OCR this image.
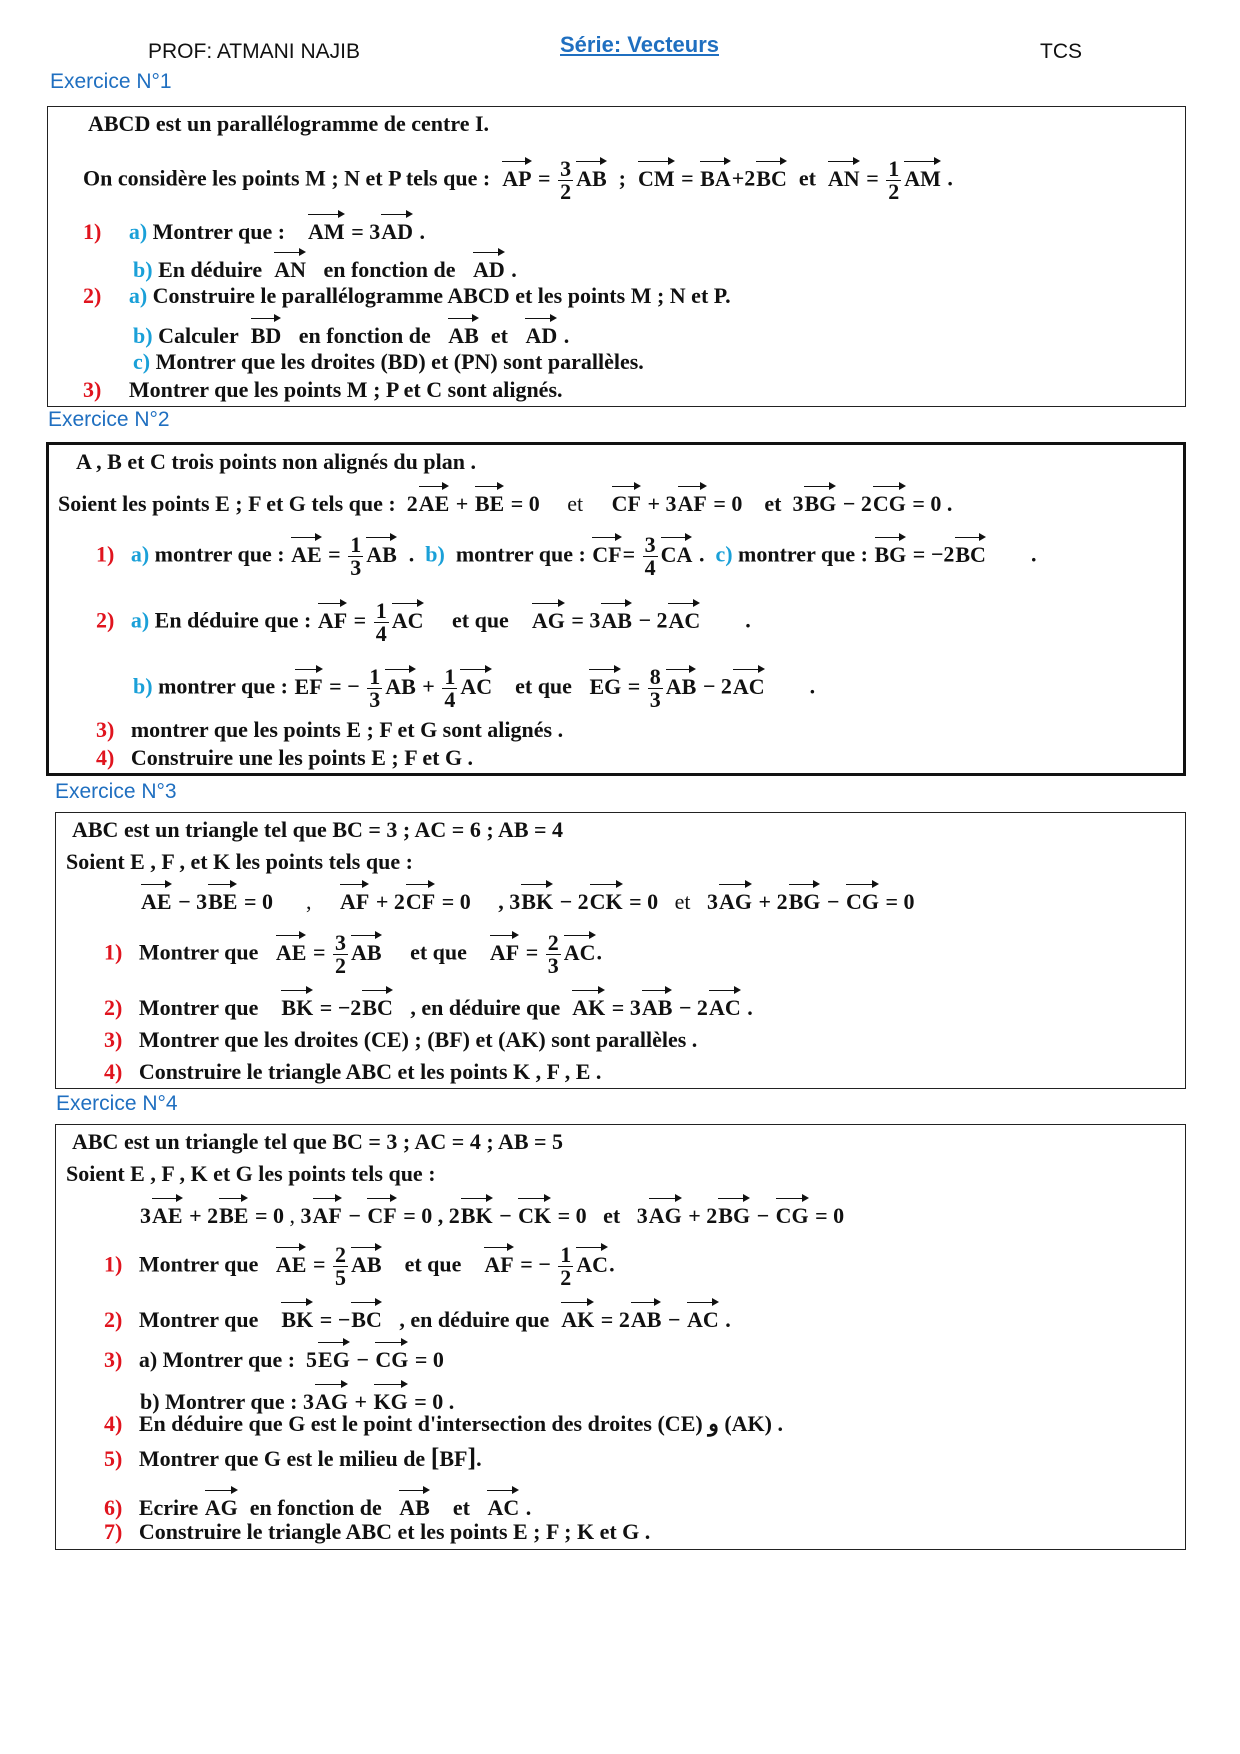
PROF: ATMANI NAJIB	Série: Vecteurs	TCS
Exercice N°1
ABCD est un parallélogramme de centre I.
On considère les points M ; N et P tels que : AP = $\frac{3}{2}$ AB ; CM = BA+2BC et AN = $\frac{1}{2}$ AM .
1) a) Montrer que : AM = 3AD .
b) En déduire AN en fonction de AD .
2) a) Construire le parallélogramme ABCD et les points M ; N et P.
b) Calculer BD en fonction de AB et AD .
c) Montrer que les droites (BD) et (PN) sont parallèles.
3) Montrer que les points M ; P et C sont alignés.
Exercice N°2
A , B et C trois points non alignés du plan .
Soient les points E ; F et G tels que : 2AE + BE = 0 et CF + 3AF = 0 et 3BG − 2CG = 0 .
1) a) montrer que : AE = $\frac{1}{3}$ AB . b) montrer que : $CF= \frac{3}{4}$ CA . c) montrer que : BG = −2BC .
2) a) En déduire que : AF = $\frac{1}{4}$ AC et que AG = 3AB − 2AC .
b) montrer que : EF = − $\frac{1}{3}$ AB + $\frac{1}{4}$ AC et que EG = $\frac{8}{3}$ AB − 2AC .
3) montrer que les points E ; F et G sont alignés .
4) Construire une les points E ; F et G .
Exercice N°3
ABC est un triangle tel que BC = 3 ; AC = 6 ; AB = 4
Soient E , F , et K les points tels que :
AE − 3BE = 0 , AF + 2CF = 0 , 3BK − 2CK = 0 et 3AG + 2BG − CG = 0
1) Montrer que AE = $\frac{3}{2}$ AB et que AF = $\frac{2}{3}$ AC.
2) Montrer que BK = −2BC , en déduire que AK = 3AB − 2AC .
3) Montrer que les droites (CE) ; (BF) et (AK) sont parallèles .
4) Construire le triangle ABC et les points K , F , E .
Exercice N°4
ABC est un triangle tel que BC = 3 ; AC = 4 ; AB = 5
Soient E , F , K et G les points tels que :
3AE + 2BE = 0 , 3AF − CF = 0 , 2BK − CK = 0 et 3AG + 2BG − CG = 0
1) Montrer que AE = $\frac{2}{5}$ AB et que AF = − $\frac{1}{2}$ AC.
2) Montrer que BK = −BC , en déduire que AK = 2AB − AC .
3) a) Montrer que : 5EG − CG = 0
b) Montrer que : 3AG + KG = 0 .
4) En déduire que G est le point d'intersection des droites (CE) و (AK) .
5) Montrer que G est le milieu de [BF].
6) Ecrire AG en fonction de AB et AC .
7) Construire le triangle ABC et les points E ; F ; K et G .
